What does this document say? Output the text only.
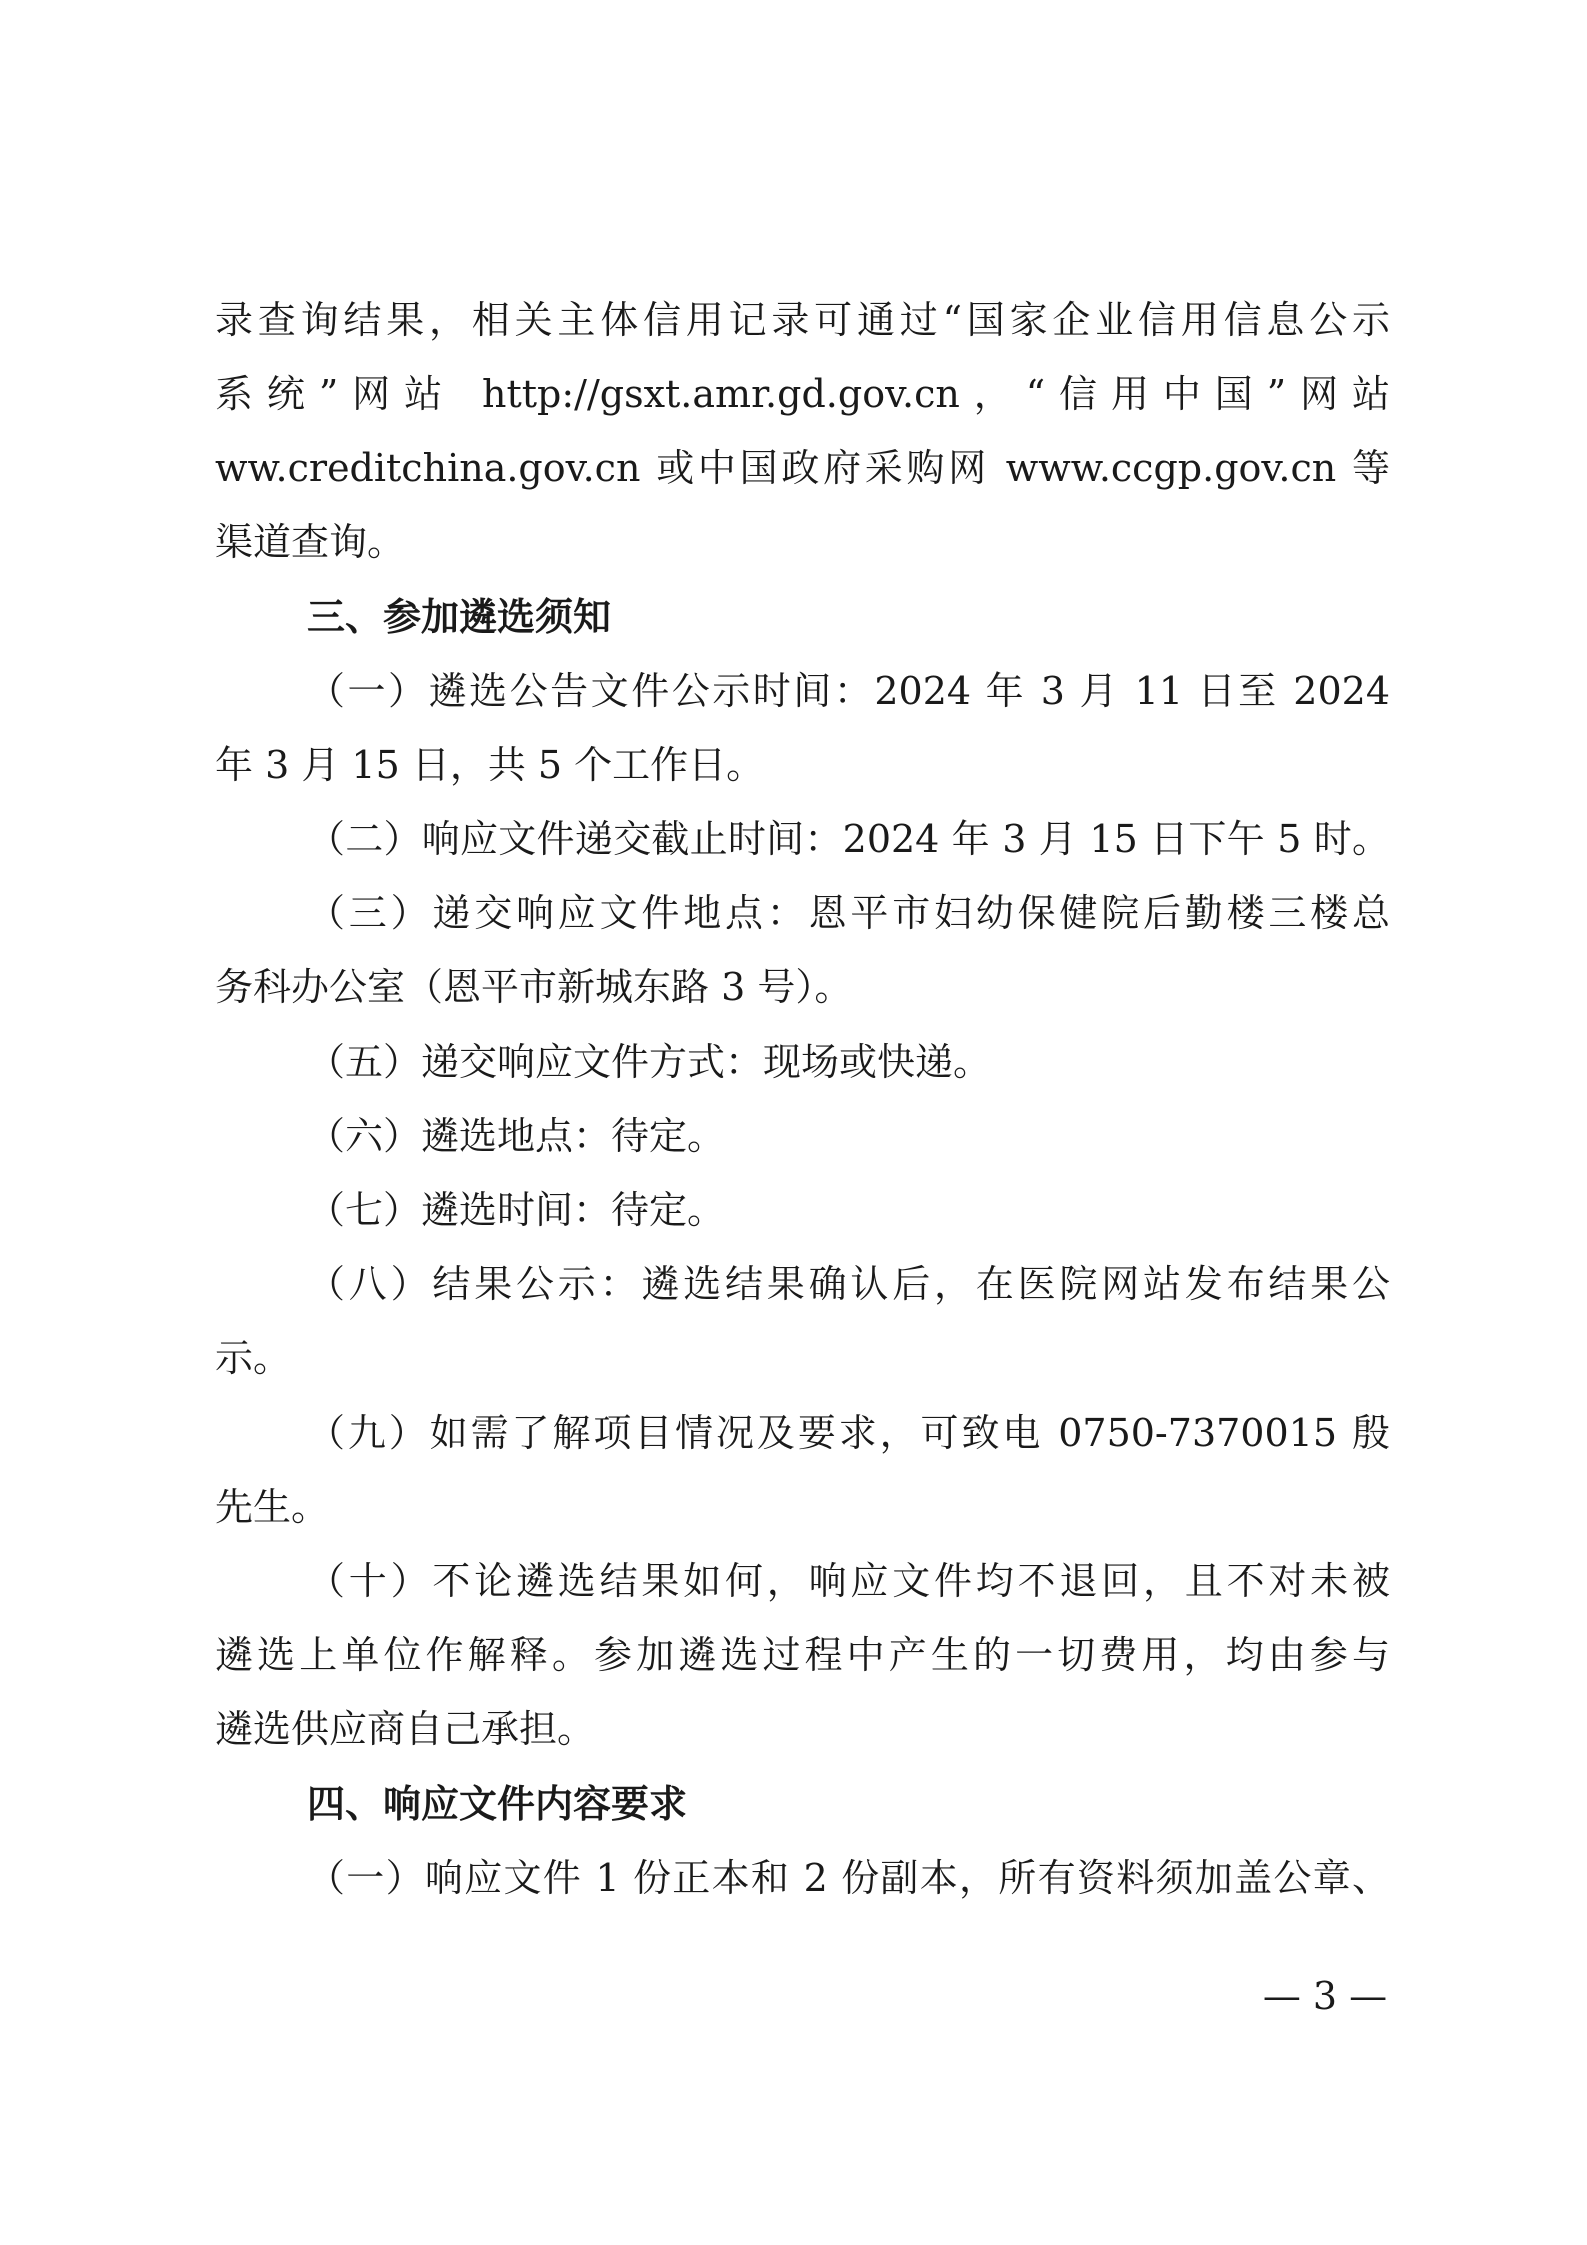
录查询结果，相关主体信用记录可通过“国家企业信用信息公示
系统”网站 http://gsxt.amr.gd.gov.cn，“信用中国”网站
ww.creditchina.gov.cn 或中国政府采购网 www.ccgp.gov.cn 等
渠道查询。
三、参加遴选须知
（一）遴选公告文件公示时间：2024 年 3 月 11 日至 2024
年 3 月 15 日，共 5 个工作日。
（二）响应文件递交截止时间：2024 年 3 月 15 日下午 5 时。
（三）递交响应文件地点：恩平市妇幼保健院后勤楼三楼总
务科办公室（恩平市新城东路 3 号）。
（五）递交响应文件方式：现场或快递。
（六）遴选地点：待定。
（七）遴选时间：待定。
（八）结果公示：遴选结果确认后，在医院网站发布结果公
示。
（九）如需了解项目情况及要求，可致电 0750-7370015 殷
先生。
（十）不论遴选结果如何，响应文件均不退回，且不对未被
遴选上单位作解释。参加遴选过程中产生的一切费用，均由参与
遴选供应商自己承担。
四、响应文件内容要求
（一）响应文件 1 份正本和 2 份副本，所有资料须加盖公章、
— 3 —
